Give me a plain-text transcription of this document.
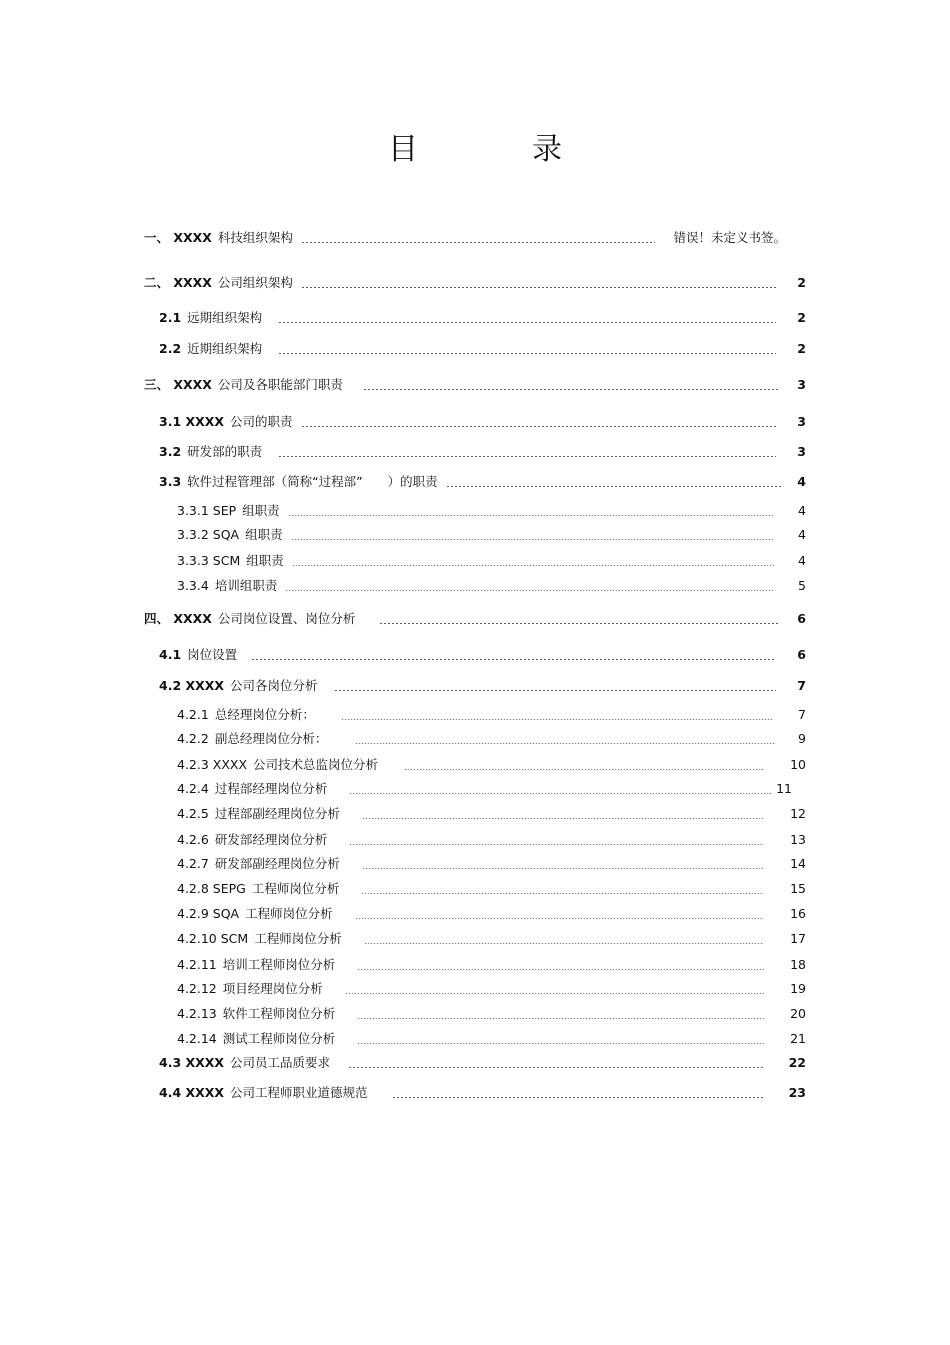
目　录
一、 XXXX 科技组织架构	错误！未定义书签。
二、 XXXX 公司组织架构	2
2.1 远期组织架构	2
2.2 近期组织架构	2
三、 XXXX 公司及各职能部门职责	3
3.1 XXXX 公司的职责	3
3.2 研发部的职责	3
3.3 软件过程管理部（简称“过程部”　　）的职责	4
3.3.1 SEP 组职责	4
3.3.2 SQA 组职责	4
3.3.3 SCM 组职责	4
3.3.4 培训组职责	5
四、 XXXX 公司岗位设置、岗位分析	6
4.1 岗位设置	6
4.2 XXXX 公司各岗位分析	7
4.2.1 总经理岗位分析：	7
4.2.2 副总经理岗位分析：	9
4.2.3 XXXX 公司技术总监岗位分析	10
4.2.4 过程部经理岗位分析	11
4.2.5 过程部副经理岗位分析	12
4.2.6 研发部经理岗位分析	13
4.2.7 研发部副经理岗位分析	14
4.2.8 SEPG 工程师岗位分析	15
4.2.9 SQA 工程师岗位分析	16
4.2.10 SCM 工程师岗位分析	17
4.2.11 培训工程师岗位分析	18
4.2.12 项目经理岗位分析	19
4.2.13 软件工程师岗位分析	20
4.2.14 测试工程师岗位分析	21
4.3 XXXX 公司员工品质要求	22
4.4 XXXX 公司工程师职业道德规范	23
